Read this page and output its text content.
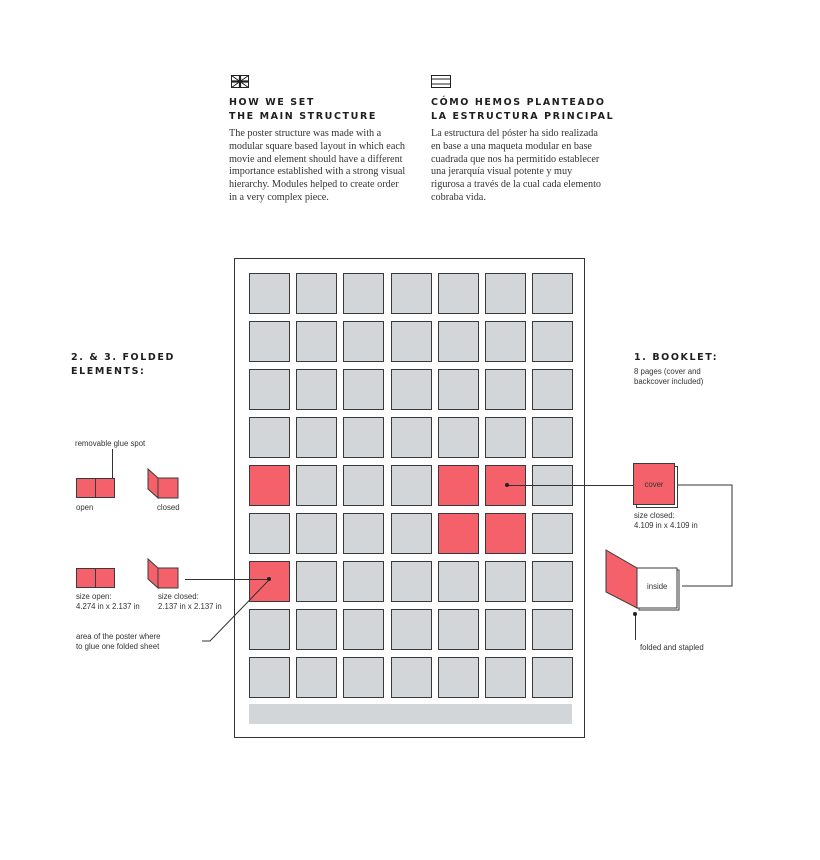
HOW WE SET
THE MAIN STRUCTURE
The poster structure was made with a modular square based layout in which each movie and element should have a different importance established with a strong visual hierarchy. Modules helped to create order in a very complex piece.
CÓMO HEMOS PLANTEADO
LA ESTRUCTURA PRINCIPAL
La estructura del póster ha sido realizada en base a una maqueta modular en base cuadrada que nos ha permitido establecer una jerarquía visual potente y muy rigurosa a través de la cual cada elemento cobraba vida.
2. & 3. FOLDED
ELEMENTS:
removable glue spot
open	closed
size open:
4.274 in x 2.137 in
size closed:
2.137 in x 2.137 in
area of the poster where
to glue one folded sheet
1. BOOKLET:
8 pages (cover and
backcover included)
cover
size closed:
4.109 in x 4.109 in
inside
folded and stapled
